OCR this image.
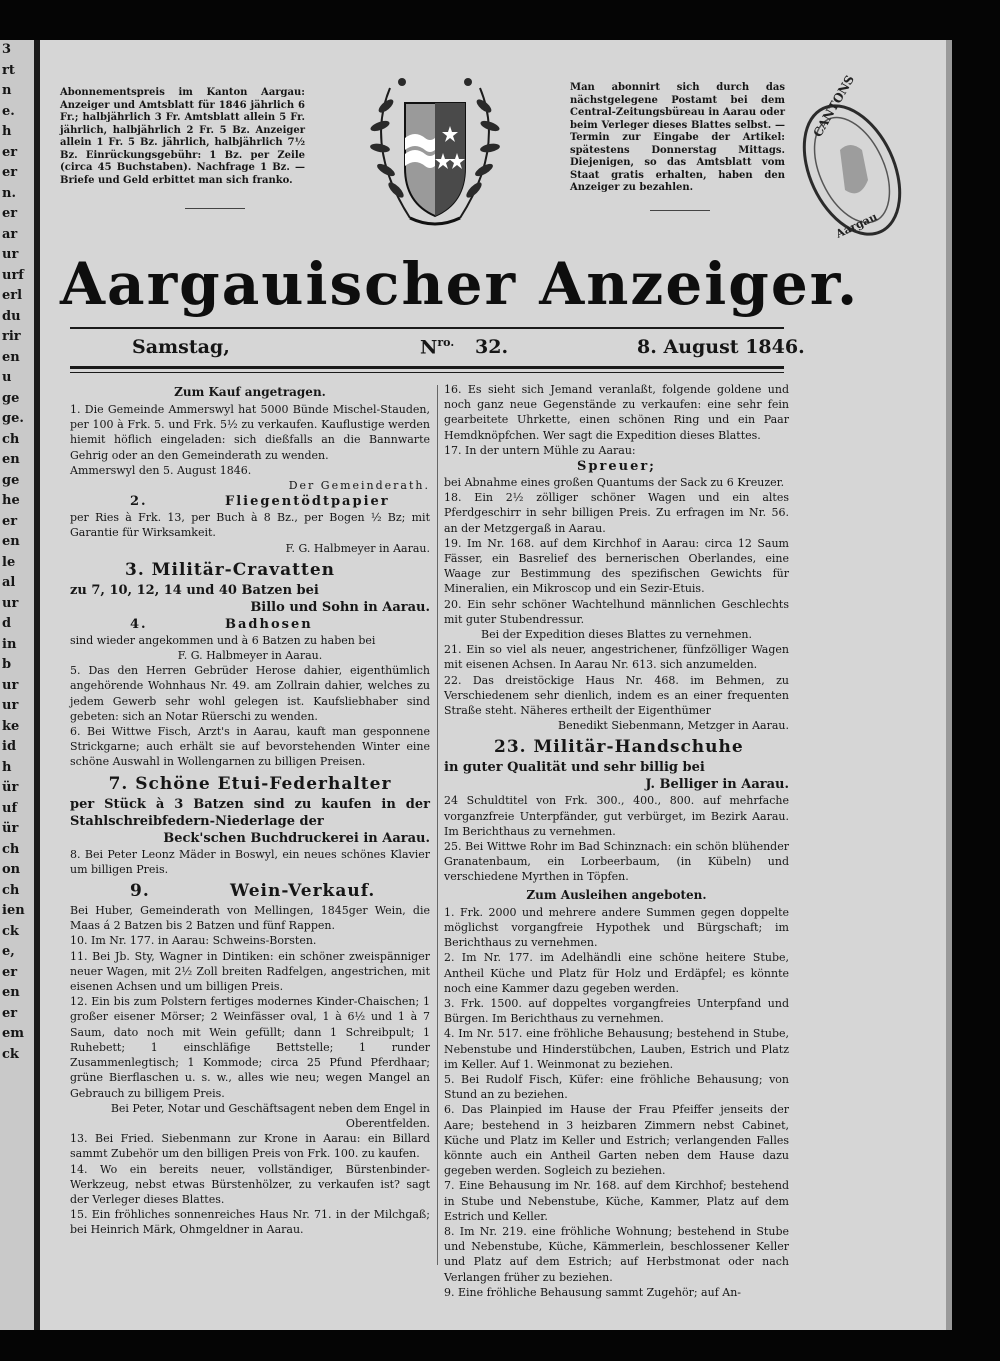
3
rt
n
e.
h
er
er
n.
er
ar
ur
urf
erl
du
rir
en
u
ge
ge.
ch
en
ge
he
er
en
le
al
ur
d
in
b
ur
ur
ke
id
h
ür
uf
ür
ch
on
ch
ien
ck
e,
er
en
er
em
ck
Abonnementspreis im Kanton Aargau: Anzeiger und Amtsblatt für 1846 jährlich 6 Fr.; halbjährlich 3 Fr. Amtsblatt allein 5 Fr. jährlich, halbjährlich 2 Fr. 5 Bz. Anzeiger allein 1 Fr. 5 Bz. jährlich, halbjährlich 7½ Bz. Einrückungsgebühr: 1 Bz. per Zeile (circa 45 Buchstaben). Nachfrage 1 Bz. — Briefe und Geld erbittet man sich franko.
Man abonnirt sich durch das nächstgelegene Postamt bei dem Central-Zeitungsbüreau in Aarau oder beim Verleger dieses Blattes selbst. — Termin zur Eingabe der Artikel: spätestens Donnerstag Mittags. Diejenigen, so das Amtsblatt vom Staat gratis erhalten, haben den Anzeiger zu bezahlen.
CANTONS
Aargau
Aargauischer Anzeiger.
Samstag,	$N^{ro.}$ 32.	8. August 1846.

Zum Kauf angetragen.

1. Die Gemeinde Ammerswyl hat 5000 Bünde Mischel-Stauden, per 100 à Frk. 5. und Frk. 5½ zu verkaufen. Kauflustige werden hiemit höflich eingeladen: sich dießfalls an die Bannwarte Gehrig oder an den Gemeinderath zu wenden.

Ammerswyl den 5. August 1846.

Der Gemeinderath.

2.	Fliegentödtpapier

per Ries à Frk. 13, per Buch à 8 Bz., per Bogen ½ Bz; mit Garantie für Wirksamkeit.

F. G. Halbmeyer in Aarau.

3. Militär-Cravatten

zu 7, 10, 12, 14 und 40 Batzen bei

Billo und Sohn in Aarau.

4.	Badhosen

sind wieder angekommen und à 6 Batzen zu haben bei

F. G. Halbmeyer in Aarau.

5. Das den Herren Gebrüder Herose dahier, eigenthümlich angehörende Wohnhaus Nr. 49. am Zollrain dahier, welches zu jedem Gewerb sehr wohl gelegen ist. Kaufsliebhaber sind gebeten: sich an Notar Rüerschi zu wenden.

6. Bei Wittwe Fisch, Arzt's in Aarau, kauft man gesponnene Strickgarne; auch erhält sie auf bevorstehenden Winter eine schöne Auswahl in Wollengarnen zu billigen Preisen.

7. Schöne Etui-Federhalter

per Stück à 3 Batzen sind zu kaufen in der Stahlschreibfedern-Niederlage der

Beck'schen Buchdruckerei in Aarau.

8. Bei Peter Leonz Mäder in Boswyl, ein neues schönes Klavier um billigen Preis.

9.	Wein-Verkauf.

Bei Huber, Gemeinderath von Mellingen, 1845ger Wein, die Maas á 2 Batzen bis 2 Batzen und fünf Rappen.

10. Im Nr. 177. in Aarau: Schweins-Borsten.

11. Bei Jb. Sty, Wagner in Dintiken: ein schöner zweispänniger neuer Wagen, mit 2½ Zoll breiten Radfelgen, angestrichen, mit eisenen Achsen und um billigen Preis.

12. Ein bis zum Polstern fertiges modernes Kinder-Chaischen; 1 großer eisener Mörser; 2 Weinfässer oval, 1 à 6½ und 1 à 7 Saum, dato noch mit Wein gefüllt; dann 1 Schreibpult; 1 Ruhebett; 1 einschläfige Bettstelle; 1 runder Zusammenlegtisch; 1 Kommode; circa 25 Pfund Pferdhaar; grüne Bierflaschen u. s. w., alles wie neu; wegen Mangel an Gebrauch zu billigem Preis.

Bei Peter, Notar und Geschäftsagent neben dem Engel in Oberentfelden.

13. Bei Fried. Siebenmann zur Krone in Aarau: ein Billard sammt Zubehör um den billigen Preis von Frk. 100. zu kaufen.

14. Wo ein bereits neuer, vollständiger, Bürstenbinder-Werkzeug, nebst etwas Bürstenhölzer, zu verkaufen ist? sagt der Verleger dieses Blattes.

15. Ein fröhliches sonnenreiches Haus Nr. 71. in der Milchgaß; bei Heinrich Märk, Ohmgeldner in Aarau.

16. Es sieht sich Jemand veranlaßt, folgende goldene und noch ganz neue Gegenstände zu verkaufen: eine sehr fein gearbeitete Uhrkette, einen schönen Ring und ein Paar Hemdknöpfchen. Wer sagt die Expedition dieses Blattes.

17. In der untern Mühle zu Aarau:

Spreuer;

bei Abnahme eines großen Quantums der Sack zu 6 Kreuzer.

18. Ein 2½ zölliger schöner Wagen und ein altes Pferdgeschirr in sehr billigen Preis. Zu erfragen im Nr. 56. an der Metzgergaß in Aarau.

19. Im Nr. 168. auf dem Kirchhof in Aarau: circa 12 Saum Fässer, ein Basrelief des bernerischen Oberlandes, eine Waage zur Bestimmung des spezifischen Gewichts für Mineralien, ein Mikroscop und ein Sezir-Etuis.

20. Ein sehr schöner Wachtelhund männlichen Geschlechts mit guter Stubendressur.

Bei der Expedition dieses Blattes zu vernehmen.

21. Ein so viel als neuer, angestrichener, fünfzölliger Wagen mit eisenen Achsen. In Aarau Nr. 613. sich anzumelden.

22. Das dreistöckige Haus Nr. 468. im Behmen, zu Verschiedenem sehr dienlich, indem es an einer frequenten Straße steht. Näheres ertheilt der Eigenthümer

Benedikt Siebenmann, Metzger in Aarau.

23. Militär-Handschuhe

in guter Qualität und sehr billig bei

J. Belliger in Aarau.

24 Schuldtitel von Frk. 300., 400., 800. auf mehrfache vorganzfreie Unterpfänder, gut verbürget, im Bezirk Aarau. Im Berichthaus zu vernehmen.

25. Bei Wittwe Rohr im Bad Schinznach: ein schön blühender Granatenbaum, ein Lorbeerbaum, (in Kübeln) und verschiedene Myrthen in Töpfen.

Zum Ausleihen angeboten.

1. Frk. 2000 und mehrere andere Summen gegen doppelte möglichst vorgangfreie Hypothek und Bürgschaft; im Berichthaus zu vernehmen.

2. Im Nr. 177. im Adelhändli eine schöne heitere Stube, Antheil Küche und Platz für Holz und Erdäpfel; es könnte noch eine Kammer dazu gegeben werden.

3. Frk. 1500. auf doppeltes vorgangfreies Unterpfand und Bürgen. Im Berichthaus zu vernehmen.

4. Im Nr. 517. eine fröhliche Behausung; bestehend in Stube, Nebenstube und Hinderstübchen, Lauben, Estrich und Platz im Keller. Auf 1. Weinmonat zu beziehen.

5. Bei Rudolf Fisch, Küfer: eine fröhliche Behausung; von Stund an zu beziehen.

6. Das Plainpied im Hause der Frau Pfeiffer jenseits der Aare; bestehend in 3 heizbaren Zimmern nebst Cabinet, Küche und Platz im Keller und Estrich; verlangenden Falles könnte auch ein Antheil Garten neben dem Hause dazu gegeben werden. Sogleich zu beziehen.

7. Eine Behausung im Nr. 168. auf dem Kirchhof; bestehend in Stube und Nebenstube, Küche, Kammer, Platz auf dem Estrich und Keller.

8. Im Nr. 219. eine fröhliche Wohnung; bestehend in Stube und Nebenstube, Küche, Kämmerlein, beschlossener Keller und Platz auf dem Estrich; auf Herbstmonat oder nach Verlangen früher zu beziehen.

9. Eine fröhliche Behausung sammt Zugehör; auf An-
